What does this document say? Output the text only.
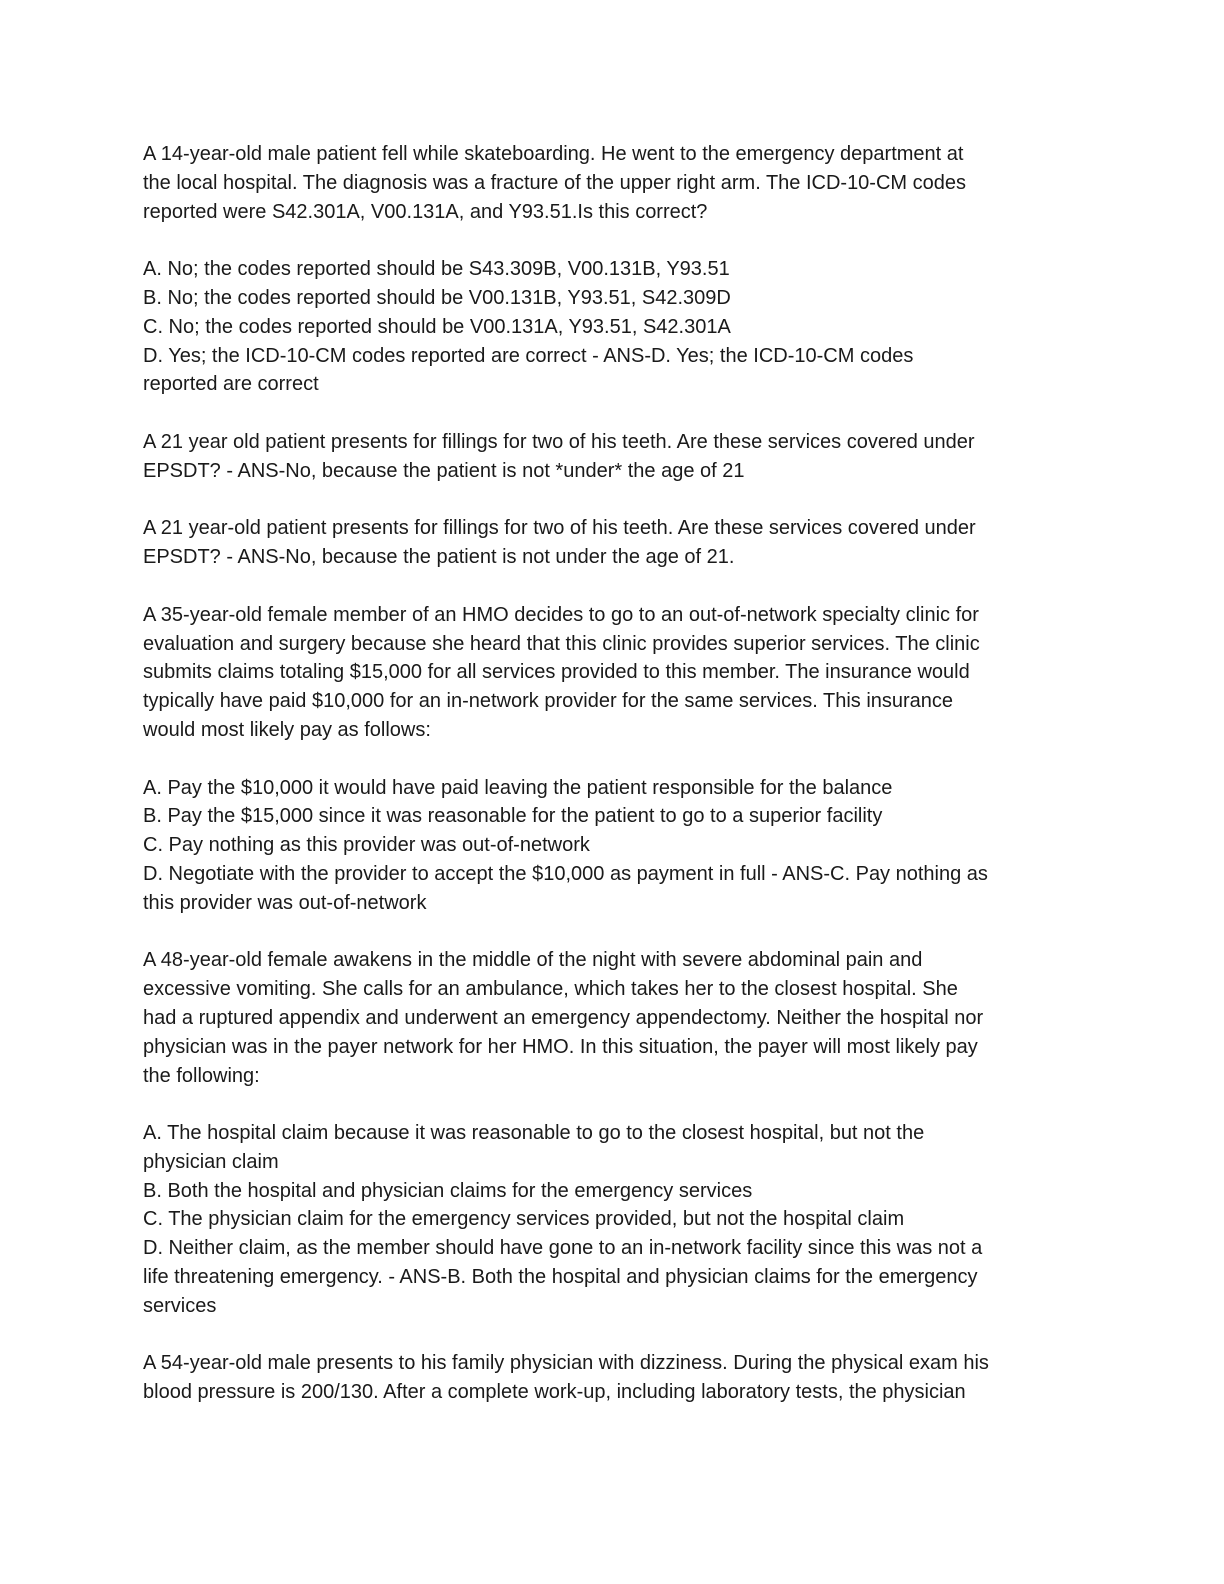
A 14-year-old male patient fell while skateboarding. He went to the emergency department at

the local hospital. The diagnosis was a fracture of the upper right arm. The ICD-10-CM codes

reported were S42.301A, V00.131A, and Y93.51.Is this correct?

A. No; the codes reported should be S43.309B, V00.131B, Y93.51

B. No; the codes reported should be V00.131B, Y93.51, S42.309D

C. No; the codes reported should be V00.131A, Y93.51, S42.301A

D. Yes; the ICD-10-CM codes reported are correct - ANS-D. Yes; the ICD-10-CM codes

reported are correct

A 21 year old patient presents for fillings for two of his teeth. Are these services covered under

EPSDT? - ANS-No, because the patient is not *under* the age of 21

A 21 year-old patient presents for fillings for two of his teeth. Are these services covered under

EPSDT? - ANS-No, because the patient is not under the age of 21.

A 35-year-old female member of an HMO decides to go to an out-of-network specialty clinic for

evaluation and surgery because she heard that this clinic provides superior services. The clinic

submits claims totaling $15,000 for all services provided to this member. The insurance would

typically have paid $10,000 for an in-network provider for the same services. This insurance

would most likely pay as follows:

A. Pay the $10,000 it would have paid leaving the patient responsible for the balance

B. Pay the $15,000 since it was reasonable for the patient to go to a superior facility

C. Pay nothing as this provider was out-of-network

D. Negotiate with the provider to accept the $10,000 as payment in full - ANS-C. Pay nothing as

this provider was out-of-network

A 48-year-old female awakens in the middle of the night with severe abdominal pain and

excessive vomiting. She calls for an ambulance, which takes her to the closest hospital. She

had a ruptured appendix and underwent an emergency appendectomy. Neither the hospital nor

physician was in the payer network for her HMO. In this situation, the payer will most likely pay

the following:

A. The hospital claim because it was reasonable to go to the closest hospital, but not the

physician claim

B. Both the hospital and physician claims for the emergency services

C. The physician claim for the emergency services provided, but not the hospital claim

D. Neither claim, as the member should have gone to an in-network facility since this was not a

life threatening emergency. - ANS-B. Both the hospital and physician claims for the emergency

services

A 54-year-old male presents to his family physician with dizziness. During the physical exam his

blood pressure is 200/130. After a complete work-up, including laboratory tests, the physician
